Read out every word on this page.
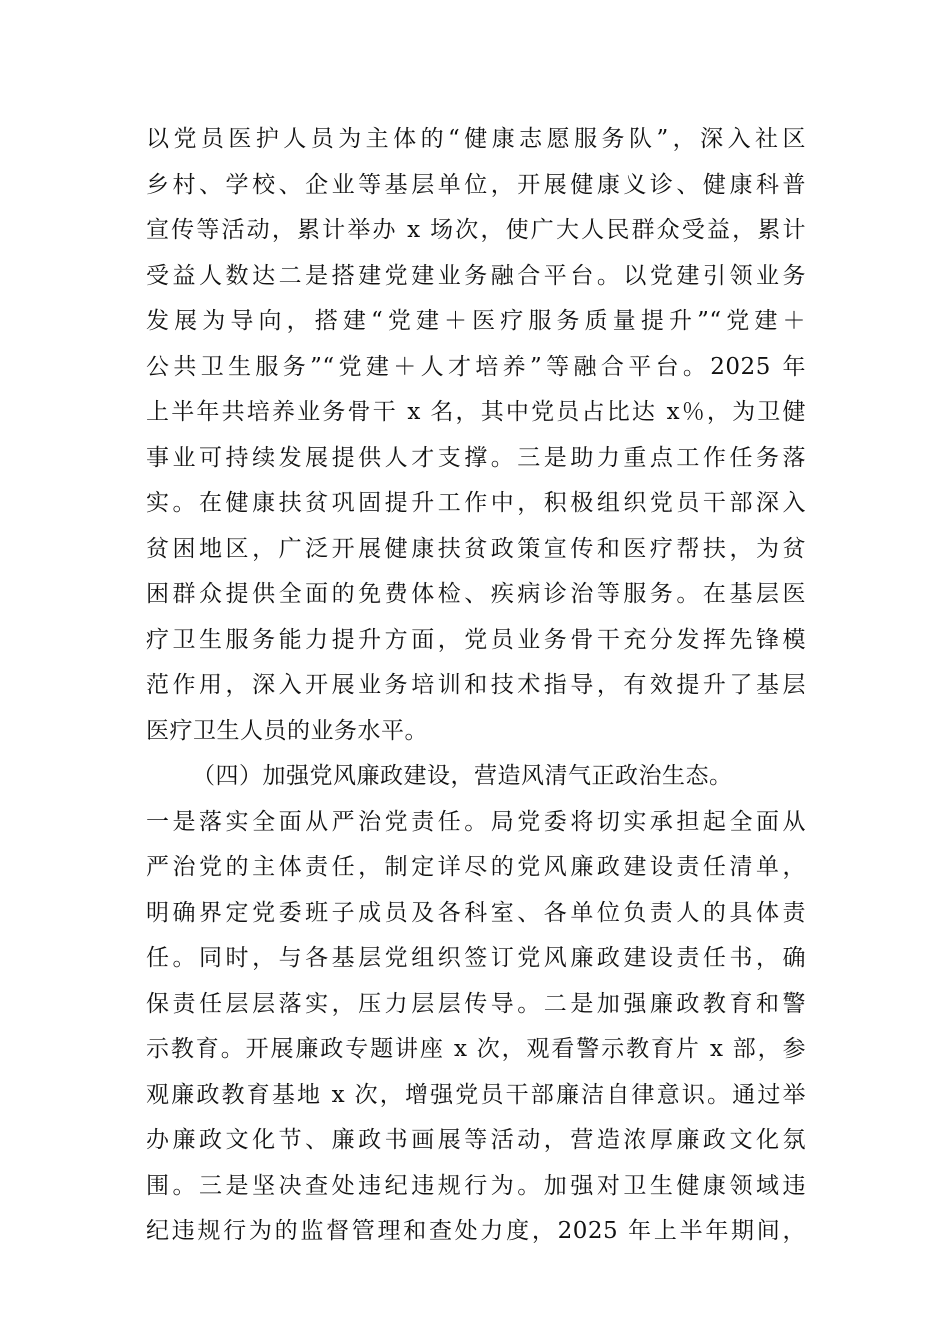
以党员医护人员为主体的“健康志愿服务队”，深入社区
乡村、学校、企业等基层单位，开展健康义诊、健康科普
宣传等活动，累计举办 x 场次，使广大人民群众受益，累计
受益人数达二是搭建党建业务融合平台。以党建引领业务
发展为导向，搭建“党建＋医疗服务质量提升”“党建＋
公共卫生服务”“党建＋人才培养”等融合平台。2025 年
上半年共培养业务骨干 x 名，其中党员占比达 x％，为卫健
事业可持续发展提供人才支撑。三是助力重点工作任务落
实。在健康扶贫巩固提升工作中，积极组织党员干部深入
贫困地区，广泛开展健康扶贫政策宣传和医疗帮扶，为贫
困群众提供全面的免费体检、疾病诊治等服务。在基层医
疗卫生服务能力提升方面，党员业务骨干充分发挥先锋模
范作用，深入开展业务培训和技术指导，有效提升了基层
医疗卫生人员的业务水平。
（四）加强党风廉政建设，营造风清气正政治生态。
一是落实全面从严治党责任。局党委将切实承担起全面从
严治党的主体责任，制定详尽的党风廉政建设责任清单，
明确界定党委班子成员及各科室、各单位负责人的具体责
任。同时，与各基层党组织签订党风廉政建设责任书，确
保责任层层落实，压力层层传导。二是加强廉政教育和警
示教育。开展廉政专题讲座 x 次，观看警示教育片 x 部，参
观廉政教育基地 x 次，增强党员干部廉洁自律意识。通过举
办廉政文化节、廉政书画展等活动，营造浓厚廉政文化氛
围。三是坚决查处违纪违规行为。加强对卫生健康领域违
纪违规行为的监督管理和查处力度，2025 年上半年期间，
